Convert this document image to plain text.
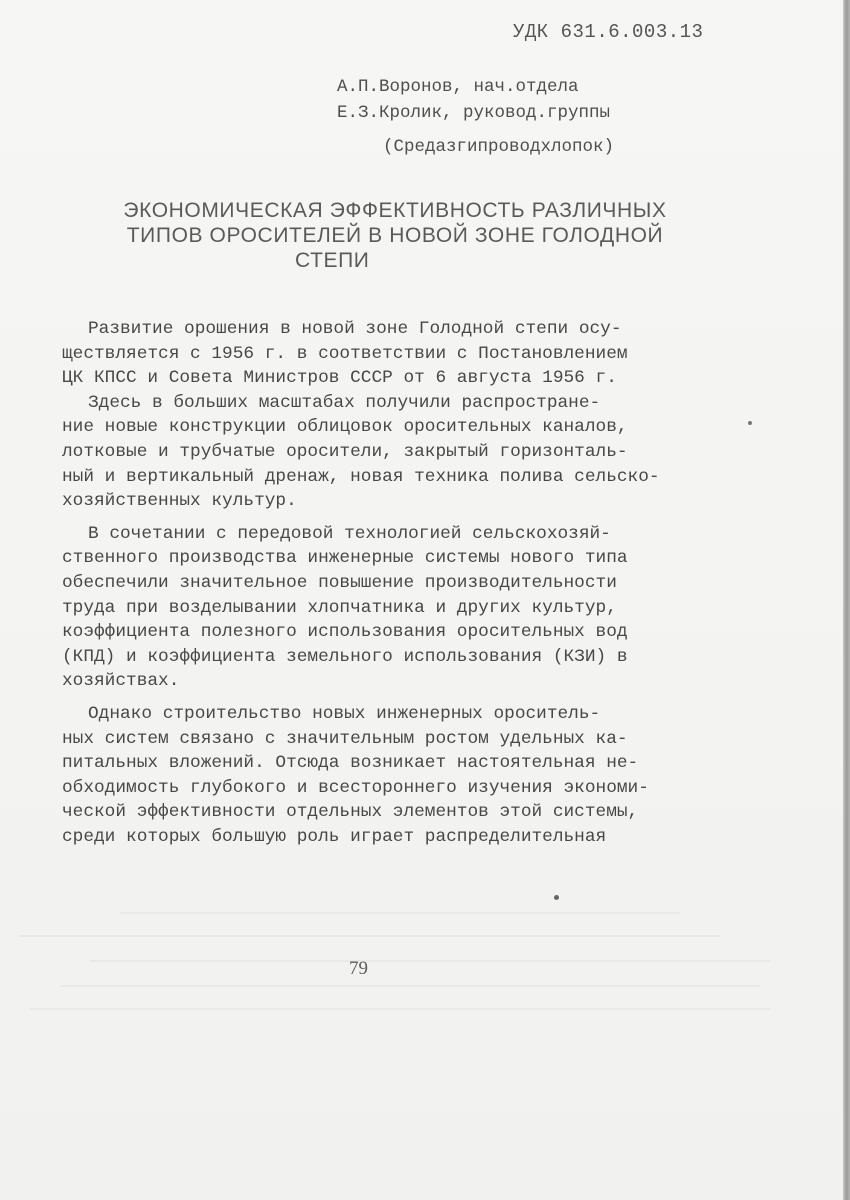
УДК 631.6.003.13
А.П.Воронов, нач.отдела
Е.З.Кролик, руковод.группы
(Средазгипроводхлопок)
ЭКОНОМИЧЕСКАЯ ЭФФЕКТИВНОСТЬ РАЗЛИЧНЫХ
ТИПОВ ОРОСИТЕЛЕЙ В НОВОЙ ЗОНЕ ГОЛОДНОЙ
СТЕПИ
Развитие орошения в новой зоне Голодной степи осу-
ществляется с 1956 г. в соответствии с Постановлением
ЦК КПСС и Совета Министров СССР от 6 августа 1956 г.
Здесь в больших масштабах получили распростране-
ние новые конструкции облицовок оросительных каналов,
лотковые и трубчатые оросители, закрытый горизонталь-
ный и вертикальный дренаж, новая техника полива сельско-
хозяйственных культур.
В сочетании с передовой технологией сельскохозяй-
ственного производства инженерные системы нового типа
обеспечили значительное повышение производительности
труда при возделывании хлопчатника и других культур,
коэффициента полезного использования оросительных вод
(КПД) и коэффициента земельного использования (КЗИ) в
хозяйствах.
Однако строительство новых инженерных ороситель-
ных систем связано с значительным ростом удельных ка-
питальных вложений. Отсюда возникает настоятельная не-
обходимость глубокого и всестороннего изучения экономи-
ческой эффективности отдельных элементов этой системы,
среди которых большую роль играет распределительная
79
